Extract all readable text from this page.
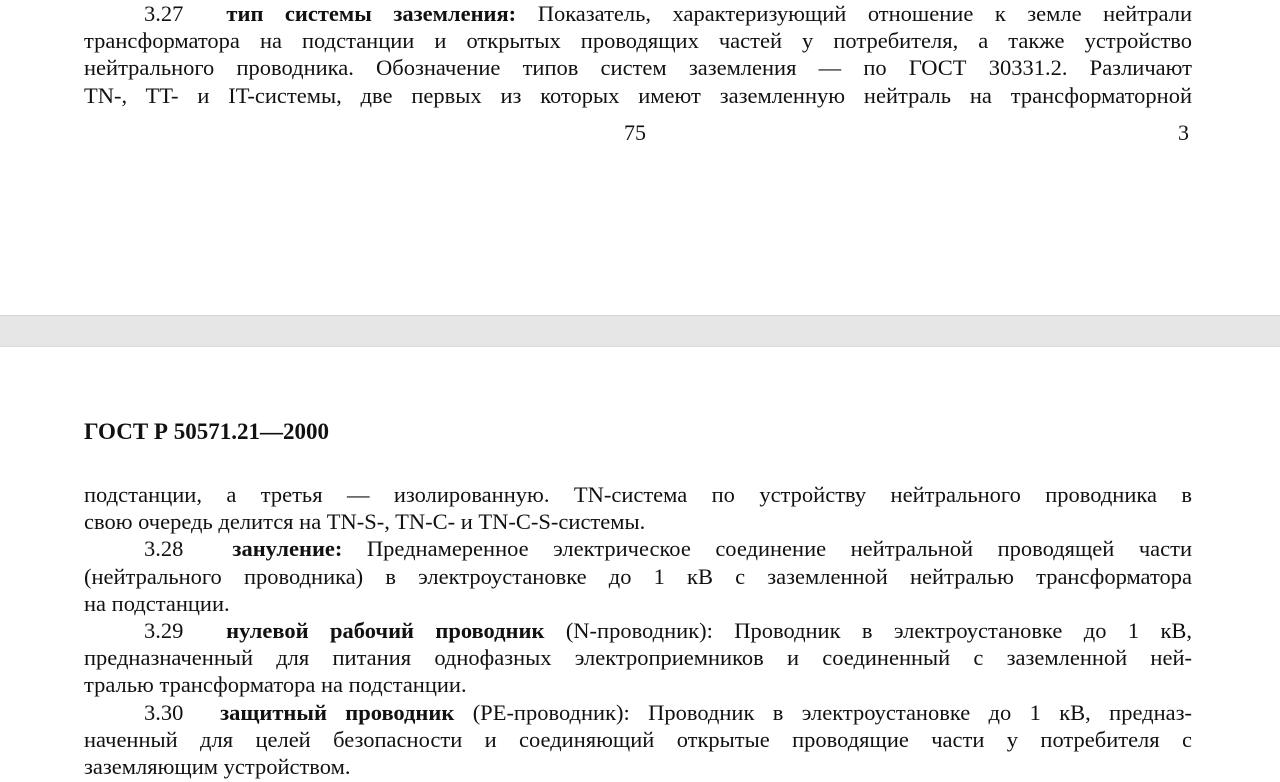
3.27 тип системы заземления: Показатель, характеризующий отношение к земле нейтрали
трансформатора на подстанции и открытых проводящих частей у потребителя, а также устройство
нейтрального проводника. Обозначение типов систем заземления — по ГОСТ 30331.2. Различают
TN-, TT- и IT-системы, две первых из которых имеют заземленную нейтраль на трансформаторной
75	3
ГОСТ Р 50571.21—2000
подстанции, а третья — изолированную. TN-система по устройству нейтрального проводника в
свою очередь делится на TN-S-, TN-C- и TN-C-S-системы.
3.28 зануление: Преднамеренное электрическое соединение нейтральной проводящей части
(нейтрального проводника) в электроустановке до 1 кВ с заземленной нейтралью трансформатора
на подстанции.
3.29 нулевой рабочий проводник (N-проводник): Проводник в электроустановке до 1 кВ,
предназначенный для питания однофазных электроприемников и соединенный с заземленной ней-
тралью трансформатора на подстанции.
3.30 защитный проводник (PE-проводник): Проводник в электроустановке до 1 кВ, предназ-
наченный для целей безопасности и соединяющий открытые проводящие части у потребителя с
заземляющим устройством.
